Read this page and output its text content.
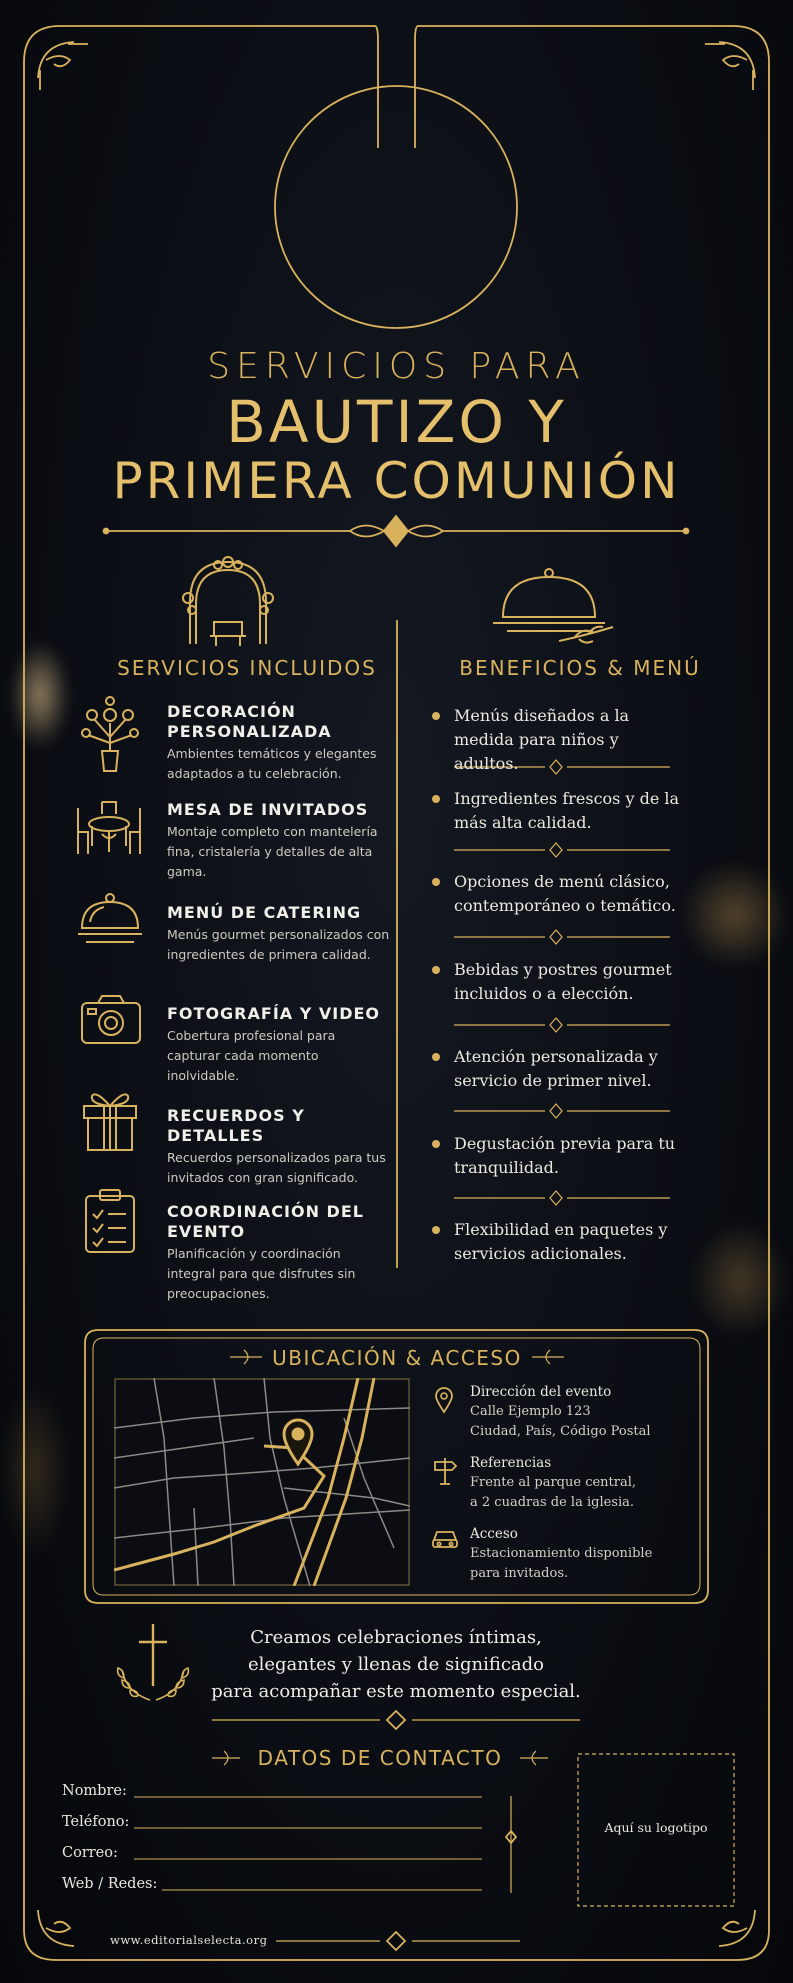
SERVICIOS PARA
BAUTIZO Y
PRIMERA COMUNIÓN
SERVICIOS INCLUIDOS	BENEFICIOS & MENÚ
DECORACIÓN PERSONALIZADA
Ambientes temáticos y elegantes adaptados a tu celebración.
MESA DE INVITADOS
Montaje completo con mantelería fina, cristalería y detalles de alta gama.
MENÚ DE CATERING
Menús gourmet personalizados con ingredientes de primera calidad.
FOTOGRAFÍA Y VIDEO
Cobertura profesional para capturar cada momento inolvidable.
RECUERDOS Y DETALLES
Recuerdos personalizados para tus invitados con gran significado.
COORDINACIÓN DEL EVENTO
Planificación y coordinación integral para que disfrutes sin preocupaciones.
Menús diseñados a la medida para niños y adultos.
Ingredientes frescos y de la más alta calidad.
Opciones de menú clásico, contemporáneo o temático.
Bebidas y postres gourmet incluidos o a elección.
Atención personalizada y servicio de primer nivel.
Degustación previa para tu tranquilidad.
Flexibilidad en paquetes y servicios adicionales.
UBICACIÓN & ACCESO
Dirección del evento
Calle Ejemplo 123
Ciudad, País, Código Postal
Referencias
Frente al parque central,
a 2 cuadras de la iglesia.
Acceso
Estacionamiento disponible
para invitados.
Creamos celebraciones íntimas,
elegantes y llenas de significado
para acompañar este momento especial.
DATOS DE CONTACTO
Nombre:
Teléfono:
Correo:
Web / Redes:
Aquí su logotipo
www.editorialselecta.org
